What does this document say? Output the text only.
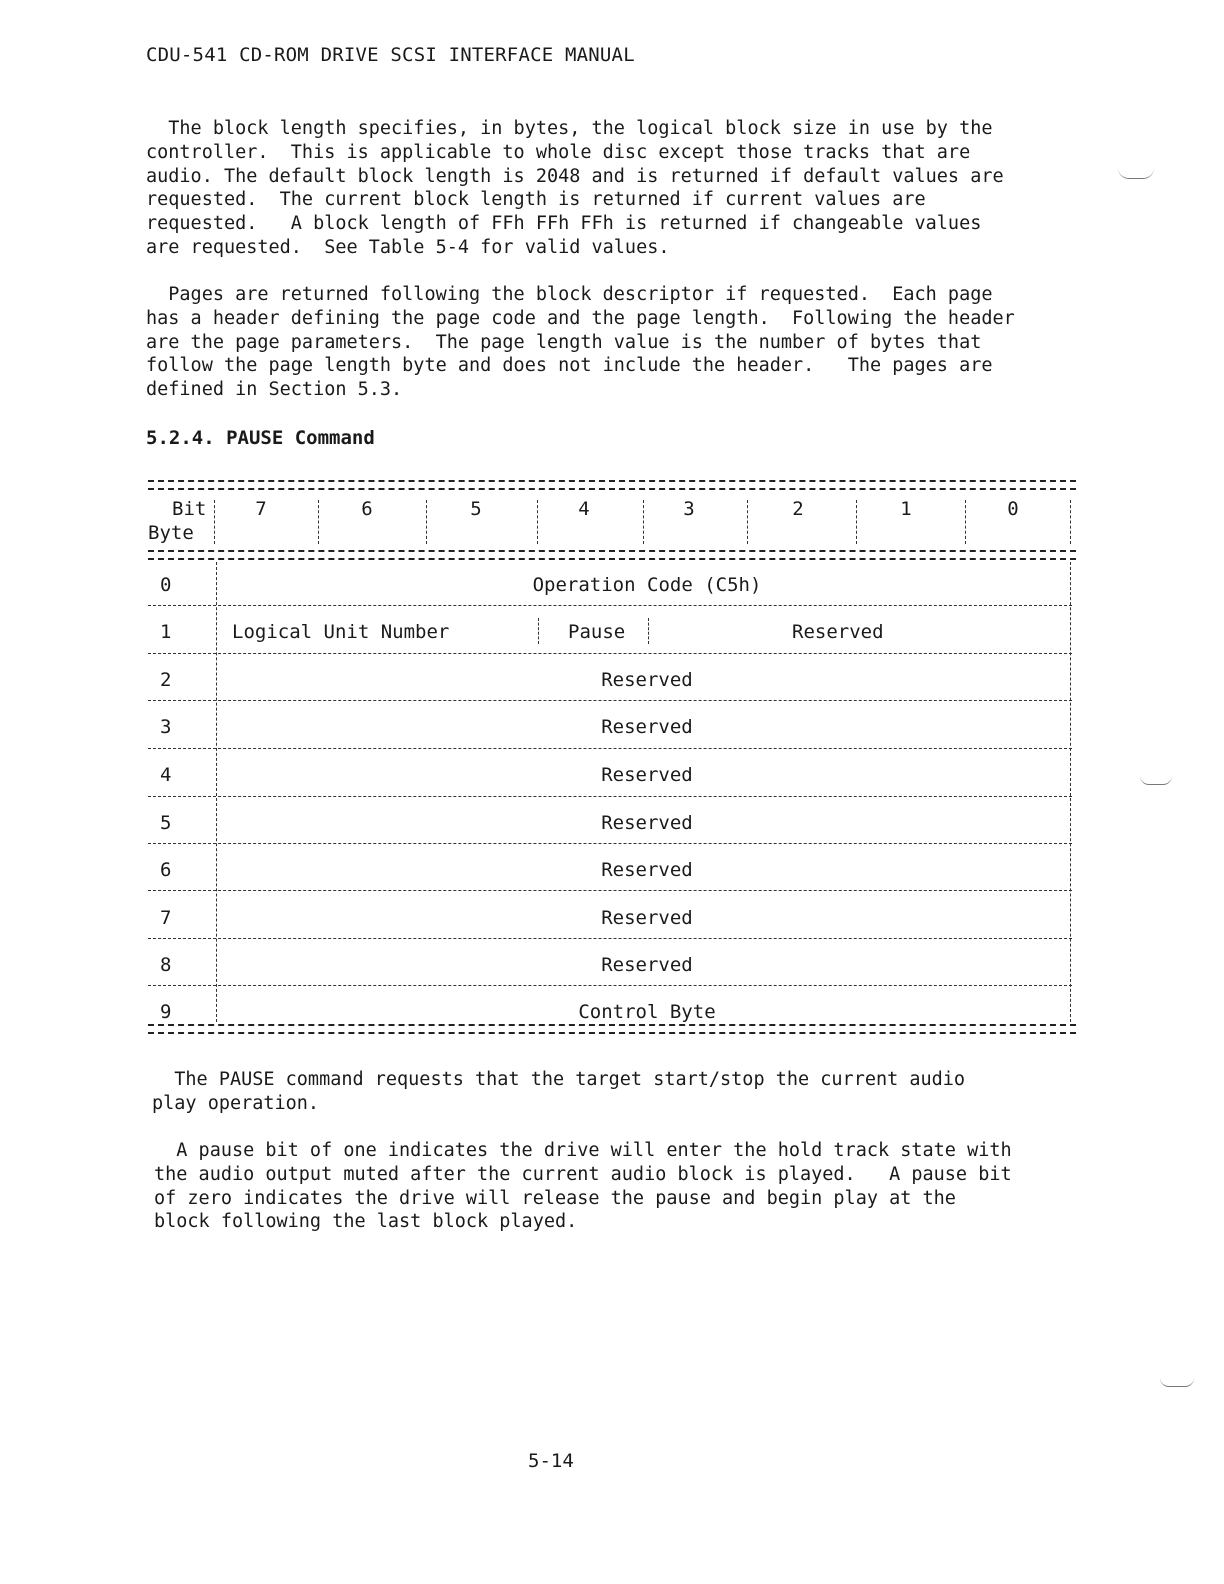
CDU-541 CD-ROM DRIVE SCSI INTERFACE MANUAL
The block length specifies, in bytes, the logical block size in use by the
controller.  This is applicable to whole disc except those tracks that are
audio. The default block length is 2048 and is returned if default values are
requested.  The current block length is returned if current values are
requested.   A block length of FFh FFh FFh is returned if changeable values
are requested.  See Table 5-4 for valid values.
Pages are returned following the block descriptor if requested.  Each page
has a header defining the page code and the page length.  Following the header
are the page parameters.  The page length value is the number of bytes that
follow the page length byte and does not include the header.   The pages are
defined in Section 5.3.
5.2.4. PAUSE Command
Bit
Byte
7	6	5	4	3	2	1	0
0	Operation Code (C5h)
1	Logical Unit Number	Pause	Reserved
2	Reserved
3	Reserved
4	Reserved
5	Reserved
6	Reserved
7	Reserved
8	Reserved
9	Control Byte
The PAUSE command requests that the target start/stop the current audio
play operation.
A pause bit of one indicates the drive will enter the hold track state with
the audio output muted after the current audio block is played.   A pause bit
of zero indicates the drive will release the pause and begin play at the
block following the last block played.
5-14
